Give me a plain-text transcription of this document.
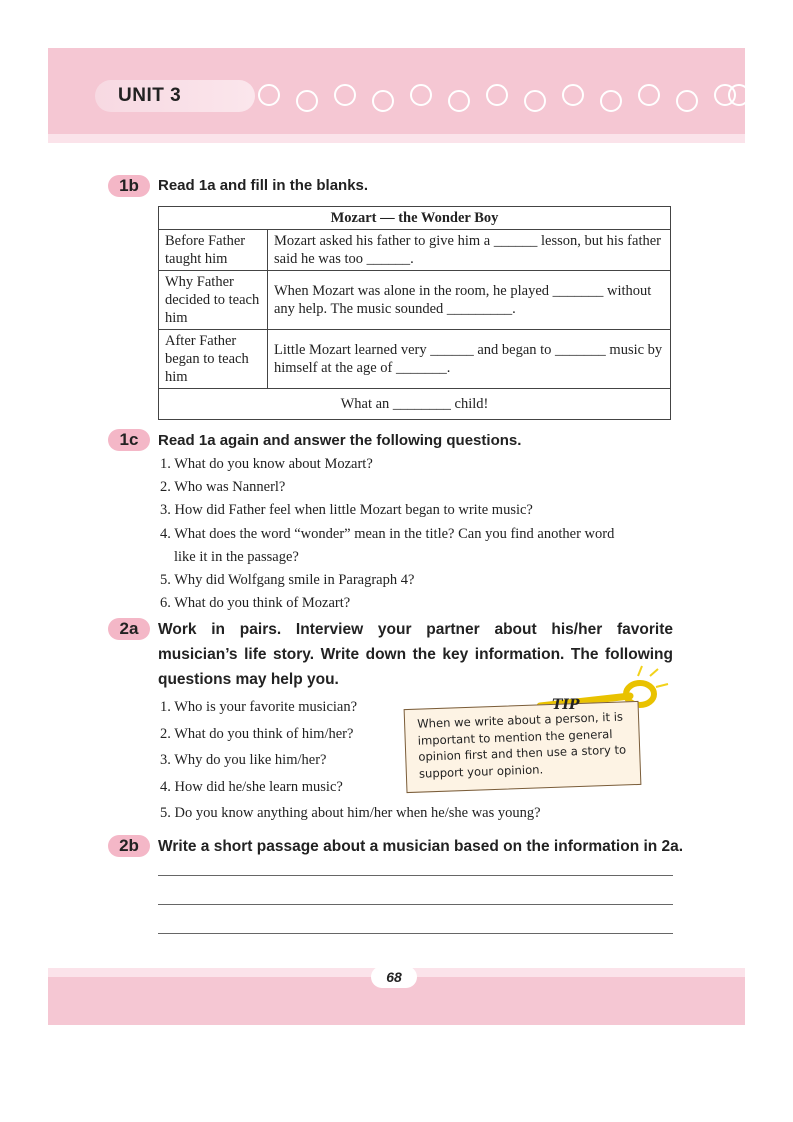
UNIT 3
1b	Read 1a and fill in the blanks.
Mozart — the Wonder Boy	
Before Father taught him	Mozart asked his father to give him a ______ lesson, but his father said he was too ______.
Why Father decided to teach him	When Mozart was alone in the room, he played _______ without any help. The music sounded _________.
After Father began to teach him	Little Mozart learned very ______ and began to _______ music by himself at the age of _______.
What an ________ child!	
1c	Read 1a again and answer the following questions.
1. What do you know about Mozart?
2. Who was Nannerl?
3. How did Father feel when little Mozart began to write music?
4. What does the word “wonder” mean in the title? Can you find another word
like it in the passage?
5. Why did Wolfgang smile in Paragraph 4?
6. What do you think of Mozart?
2a	Work in pairs. Interview your partner about his/her favorite musician’s life story. Write down the key information. The following questions may help you.
1. Who is your favorite musician?
2. What do you think of him/her?
3. Why do you like him/her?
4. How did he/she learn music?
5. Do you know anything about him/her when he/she was young?
TIP
When we write about a person, it is important to mention the general opinion first and then use a story to support your opinion.
2b	Write a short passage about a musician based on the information in 2a.
68
